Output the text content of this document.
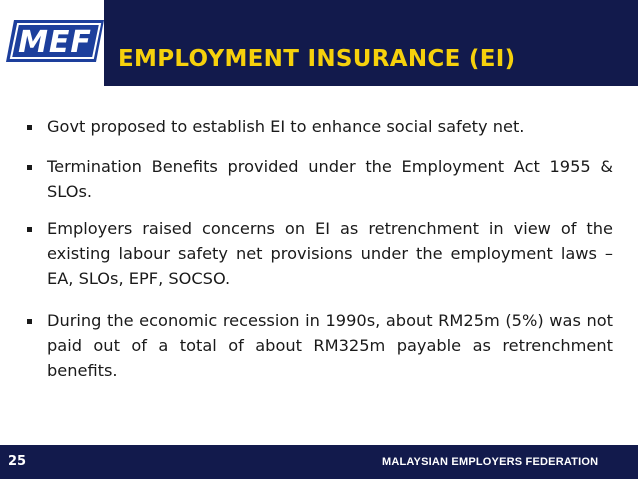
MEF EMPLOYMENT INSURANCE (EI)
Govt proposed to establish EI to enhance social safety net.
Termination Benefits provided under the Employment Act 1955 & SLOs.
Employers raised concerns on EI as retrenchment in view of the existing labour safety net provisions under the employment laws – EA, SLOs, EPF, SOCSO.
During the economic recession in 1990s, about RM25m (5%) was not paid out of a total of about RM325m payable as retrenchment benefits.
25	MALAYSIAN EMPLOYERS FEDERATION
